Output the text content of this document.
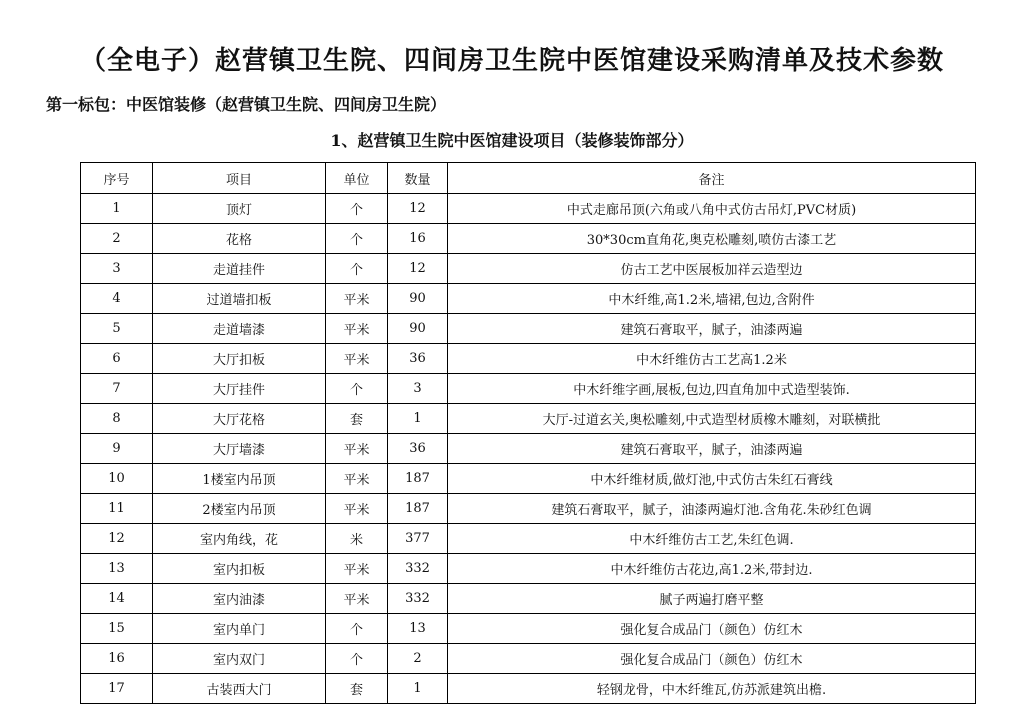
（全电子）赵营镇卫生院、四间房卫生院中医馆建设采购清单及技术参数
第一标包：中医馆装修（赵营镇卫生院、四间房卫生院）
1、赵营镇卫生院中医馆建设项目（装修装饰部分）
序号	项目	单位	数量	备注
1	顶灯	个	12	中式走廊吊顶(六角或八角中式仿古吊灯,PVC材质)
2	花格	个	16	30*30cm直角花,奥克松雕刻,喷仿古漆工艺
3	走道挂件	个	12	仿古工艺中医展板加祥云造型边
4	过道墙扣板	平米	90	中木纤维,高1.2米,墙裙,包边,含附件
5	走道墙漆	平米	90	建筑石膏取平，腻子，油漆两遍
6	大厅扣板	平米	36	中木纤维仿古工艺高1.2米
7	大厅挂件	个	3	中木纤维字画,展板,包边,四直角加中式造型装饰.
8	大厅花格	套	1	大厅-过道玄关,奥松雕刻,中式造型材质橡木雕刻，对联横批
9	大厅墙漆	平米	36	建筑石膏取平，腻子，油漆两遍
10	1楼室内吊顶	平米	187	中木纤维材质,做灯池,中式仿古朱红石膏线
11	2楼室内吊顶	平米	187	建筑石膏取平，腻子，油漆两遍灯池.含角花.朱砂红色调
12	室内角线，花	米	377	中木纤维仿古工艺,朱红色调.
13	室内扣板	平米	332	中木纤维仿古花边,高1.2米,带封边.
14	室内油漆	平米	332	腻子两遍打磨平整
15	室内单门	个	13	强化复合成品门（颜色）仿红木
16	室内双门	个	2	强化复合成品门（颜色）仿红木
17	古装西大门	套	1	轻钢龙骨，中木纤维瓦,仿苏派建筑出檐.
